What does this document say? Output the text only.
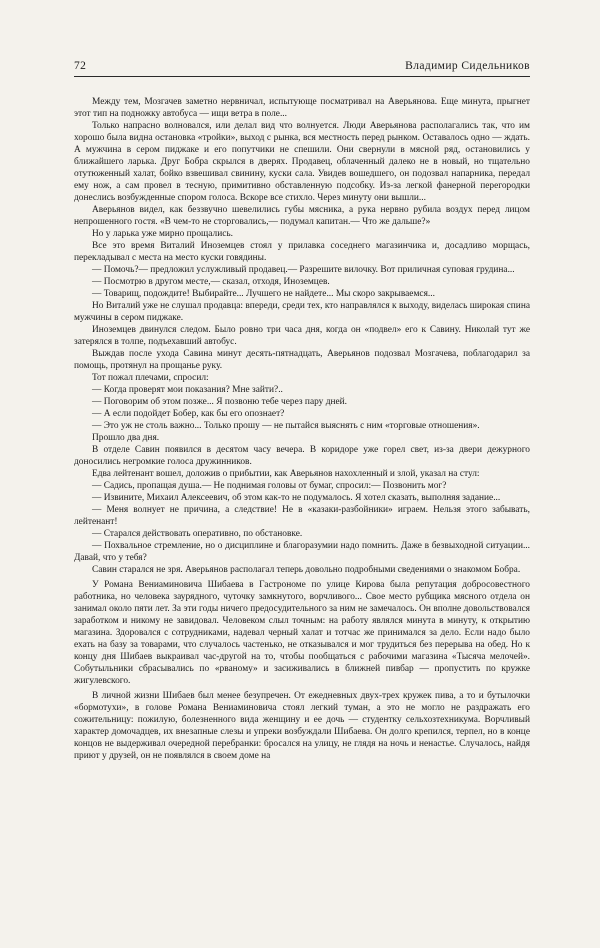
72	Владимир Сидельников

Между тем, Мозгачев заметно нервничал, испытующе посматривал на Аверьянова. Еще минута, прыгнет этот тип на подножку автобуса — ищи ветра в поле...

Только напрасно волновался, или делал вид что волнуется. Люди Аверьянова располагались так, что им хорошо была видна остановка «тройки», выход с рынка, вся местность перед рынком. Оставалось одно — ждать. А мужчина в сером пиджаке и его попутчики не спешили. Они свернули в мясной ряд, остановились у ближайшего ларька. Друг Бобра скрылся в дверях. Продавец, облаченный далеко не в новый, но тщательно отутюженный халат, бойко взвешивал свинину, куски сала. Увидев вошедшего, он подозвал напарника, передал ему нож, а сам провел в тесную, примитивно обставленную подсобку. Из-за легкой фанерной перегородки донеслись возбужденные спором голоса. Вскоре все стихло. Через минуту они вышли...

Аверьянов видел, как беззвучно шевелились губы мясника, а рука нервно рубила воздух перед лицом непрошенного гостя. «В чем-то не сторговались,— подумал капитан.— Что же дальше?»

Но у ларька уже мирно прощались.

Все это время Виталий Иноземцев стоял у прилавка соседнего магазинчика и, досадливо морщась, перекладывал с места на место куски говядины.

— Помочь?— предложил услужливый продавец.— Разрешите вилочку. Вот приличная суповая грудина...

— Посмотрю в другом месте,— сказал, отходя, Иноземцев.

— Товарищ, подождите! Выбирайте... Лучшего не найдете... Мы скоро закрываемся...

Но Виталий уже не слушал продавца: впереди, среди тех, кто направлялся к выходу, виделась широкая спина мужчины в сером пиджаке.

Иноземцев двинулся следом. Было ровно три часа дня, когда он «подвел» его к Савину. Николай тут же затерялся в толпе, подъехавший автобус.

Выждав после ухода Савина минут десять-пятнадцать, Аверьянов подозвал Мозгачева, поблагодарил за помощь, протянул на прощанье руку.

Тот пожал плечами, спросил:

— Когда проверят мои показания? Мне зайти?..

— Поговорим об этом позже... Я позвоню тебе через пару дней.

— А если подойдет Бобер, как бы его опознает?

— Это уж не столь важно... Только прошу — не пытайся выяснять с ним «торговые отношения».

Прошло два дня.

В отделе Савин появился в десятом часу вечера. В коридоре уже горел свет, из-за двери дежурного доносились негромкие голоса дружинников.

Едва лейтенант вошел, доложив о прибытии, как Аверьянов нахохленный и злой, указал на стул:

— Садись, пропащая душа.— Не поднимая головы от бумаг, спросил:— Позвонить мог?

— Извините, Михаил Алексеевич, об этом как-то не подумалось. Я хотел сказать, выполняя задание...

— Меня волнует не причина, а следствие! Не в «казаки-разбойники» играем. Нельзя этого забывать, лейтенант!

— Старался действовать оперативно, по обстановке.

— Похвальное стремление, но о дисциплине и благоразумии надо помнить. Даже в безвыходной ситуации... Давай, что у тебя?

Савин старался не зря. Аверьянов располагал теперь довольно подробными сведениями о знакомом Бобра.

У Романа Вениаминовича Шибаева в Гастрономе по улице Кирова была репутация добросовестного работника, но человека заурядного, чуточку замкнутого, ворчливого... Свое место рубщика мясного отдела он занимал около пяти лет. За эти годы ничего предосудительного за ним не замечалось. Он вполне довольствовался заработком и никому не завидовал. Человеком слыл точным: на работу являлся минута в минуту, к открытию магазина. Здоровался с сотрудниками, надевал черный халат и тотчас же принимался за дело. Если надо было ехать на базу за товарами, что случалось частенько, не отказывался и мог трудиться без перерыва на обед. Но к концу дня Шибаев выкраивал час-другой на то, чтобы пообщаться с рабочими магазина «Тысяча мелочей». Собутыльники сбрасывались по «рваному» и засиживались в ближней пивбар — пропустить по кружке жигулевского.

В личной жизни Шибаев был менее безупречен. От ежедневных двух-трех кружек пива, а то и бутылочки «бормотухи», в голове Романа Вениаминовича стоял легкий туман, а это не могло не раздражать его сожительницу: пожилую, болезненного вида женщину и ее дочь — студентку сельхозтехникума. Ворчливый характер домочадцев, их внезапные слезы и упреки возбуждали Шибаева. Он долго крепился, терпел, но в конце концов не выдерживал очередной перебранки: бросался на улицу, не глядя на ночь и ненастье. Случалось, найдя приют у друзей, он не появлялся в своем доме на
